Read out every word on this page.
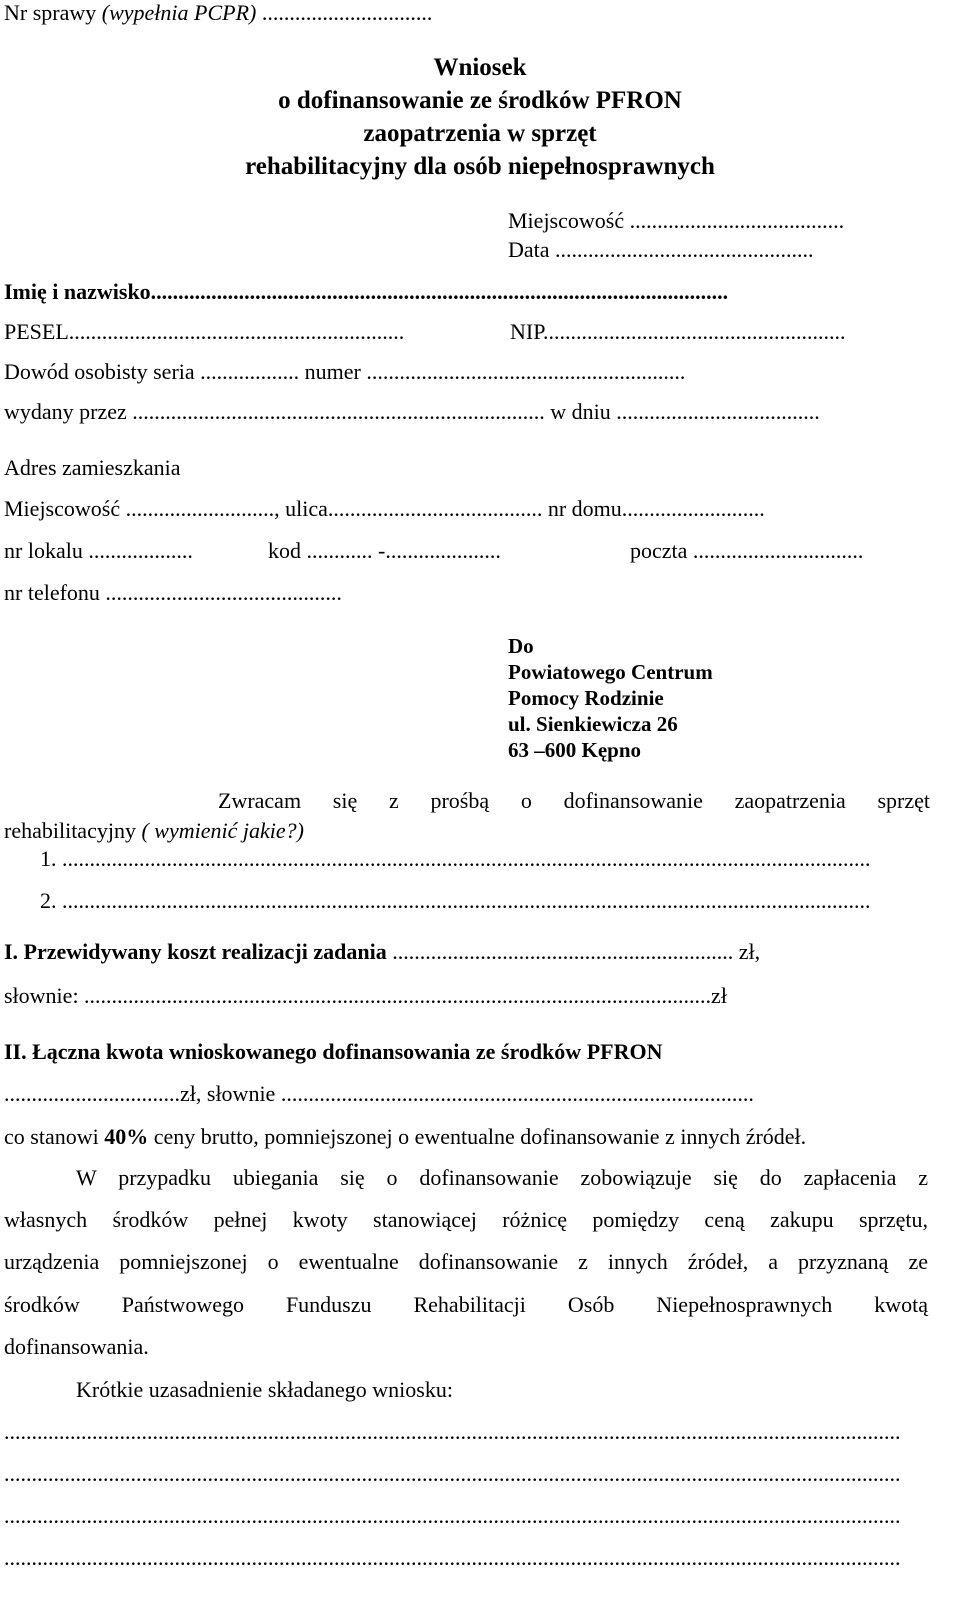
Nr sprawy (wypełnia PCPR) ...............................
Wniosek
o dofinansowanie ze środków PFRON
zaopatrzenia w sprzęt
rehabilitacyjny dla osób niepełnosprawnych
Miejscowość .......................................
Data ...............................................
Imię i nazwisko.........................................................................................................
PESEL.............................................................	NIP.......................................................
Dowód osobisty seria .................. numer ..........................................................
wydany przez ........................................................................... w dniu .....................................
Adres zamieszkania
Miejscowość ..........................., ulica....................................... nr domu..........................
nr lokalu ...................	kod ............ -.....................	poczta ...............................
nr telefonu ...........................................
Do
Powiatowego Centrum
Pomocy Rodzinie
ul. Sienkiewicza 26
63 –600 Kępno
Zwracam się z prośbą o dofinansowanie zaopatrzenia sprzęt
rehabilitacyjny ( wymienić jakie?)
1. ...................................................................................................................................................
2. ...................................................................................................................................................
I. Przewidywany koszt realizacji zadania .............................................................. zł,
słownie: ..................................................................................................................zł
II. Łączna kwota wnioskowanego dofinansowania ze środków PFRON
................................zł, słownie ......................................................................................
co stanowi 40% ceny brutto, pomniejszonej o ewentualne dofinansowanie z innych źródeł.
W przypadku ubiegania się o dofinansowanie zobowiązuje się do zapłacenia z
własnych środków pełnej kwoty stanowiącej różnicę pomiędzy ceną zakupu sprzętu,
urządzenia pomniejszonej o ewentualne dofinansowanie z innych źródeł, a przyznaną ze
środków Państwowego Funduszu Rehabilitacji Osób Niepełnosprawnych kwotą
dofinansowania.
Krótkie uzasadnienie składanego wniosku:
...................................................................................................................................................................
...................................................................................................................................................................
...................................................................................................................................................................
...................................................................................................................................................................
